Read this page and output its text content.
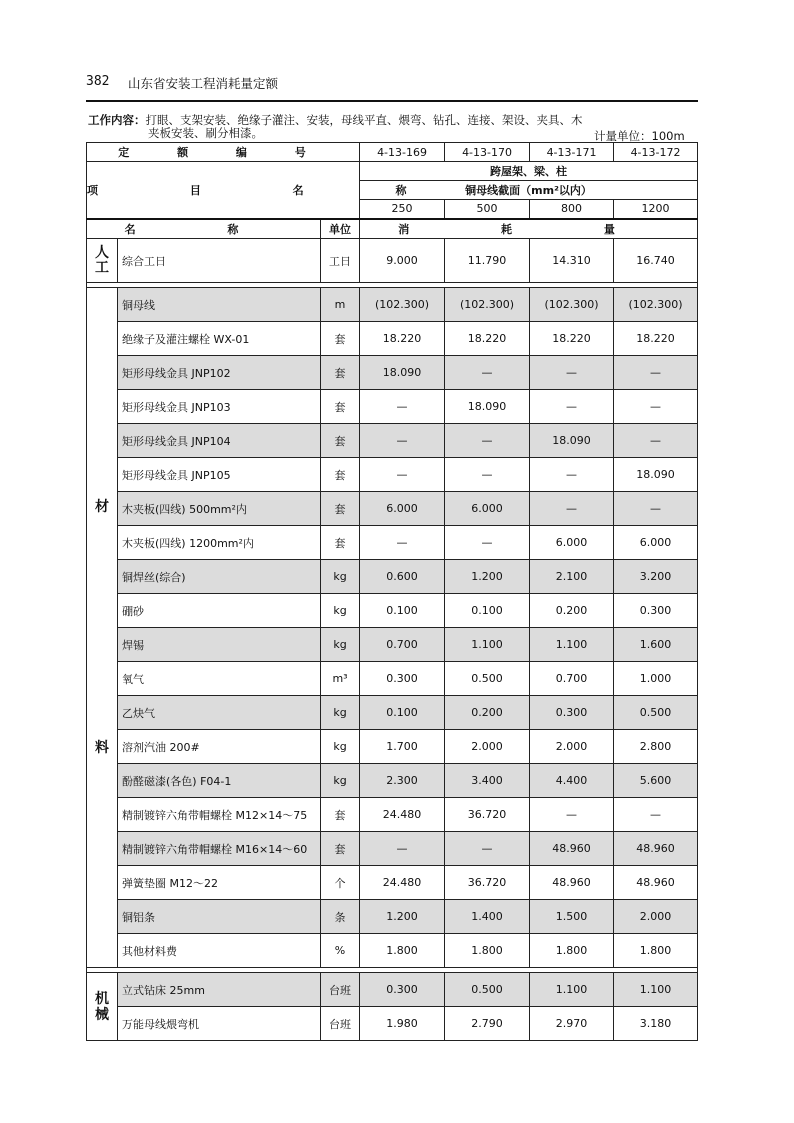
382 山东省安装工程消耗量定额
工作内容：打眼、支架安装、绝缘子灌注、安装，母线平直、煨弯、钻孔、连接、架设、夹具、木
夹板安装、刷分相漆。	计量单位：100m
定 额 编 号			4-13-169	4-13-170	4-13-171	4-13-172
项 目 名 称			跨屋架、梁、柱			
			铜母线截面（mm²以内）			
			250	500	800	1200
名 称		单位	消 耗 量			
人工	综合工日	工日	9.000	11.790	14.310	16.740

材
料	铜母线	m	(102.300)	(102.300)	(102.300)	(102.300)
	绝缘子及灌注螺栓 WX-01	套	18.220	18.220	18.220	18.220
	矩形母线金具 JNP102	套	18.090	—	—	—
	矩形母线金具 JNP103	套	—	18.090	—	—
	矩形母线金具 JNP104	套	—	—	18.090	—
	矩形母线金具 JNP105	套	—	—	—	18.090
	木夹板(四线) 500mm²内	套	6.000	6.000	—	—
	木夹板(四线) 1200mm²内	套	—	—	6.000	6.000
	铜焊丝(综合)	kg	0.600	1.200	2.100	3.200
	硼砂	kg	0.100	0.100	0.200	0.300
	焊锡	kg	0.700	1.100	1.100	1.600
	氧气	m³	0.300	0.500	0.700	1.000
	乙炔气	kg	0.100	0.200	0.300	0.500
	溶剂汽油 200#	kg	1.700	2.000	2.000	2.800
	酚醛磁漆(各色) F04-1	kg	2.300	3.400	4.400	5.600
	精制镀锌六角带帽螺栓 M12×14～75	套	24.480	36.720	—	—
	精制镀锌六角带帽螺栓 M16×14～60	套	—	—	48.960	48.960
	弹簧垫圈 M12～22	个	24.480	36.720	48.960	48.960
	铜铝条	条	1.200	1.400	1.500	2.000
	其他材料费	%	1.800	1.800	1.800	1.800

机械	立式钻床 25mm	台班	0.300	0.500	1.100	1.100
	万能母线煨弯机	台班	1.980	2.790	2.970	3.180
